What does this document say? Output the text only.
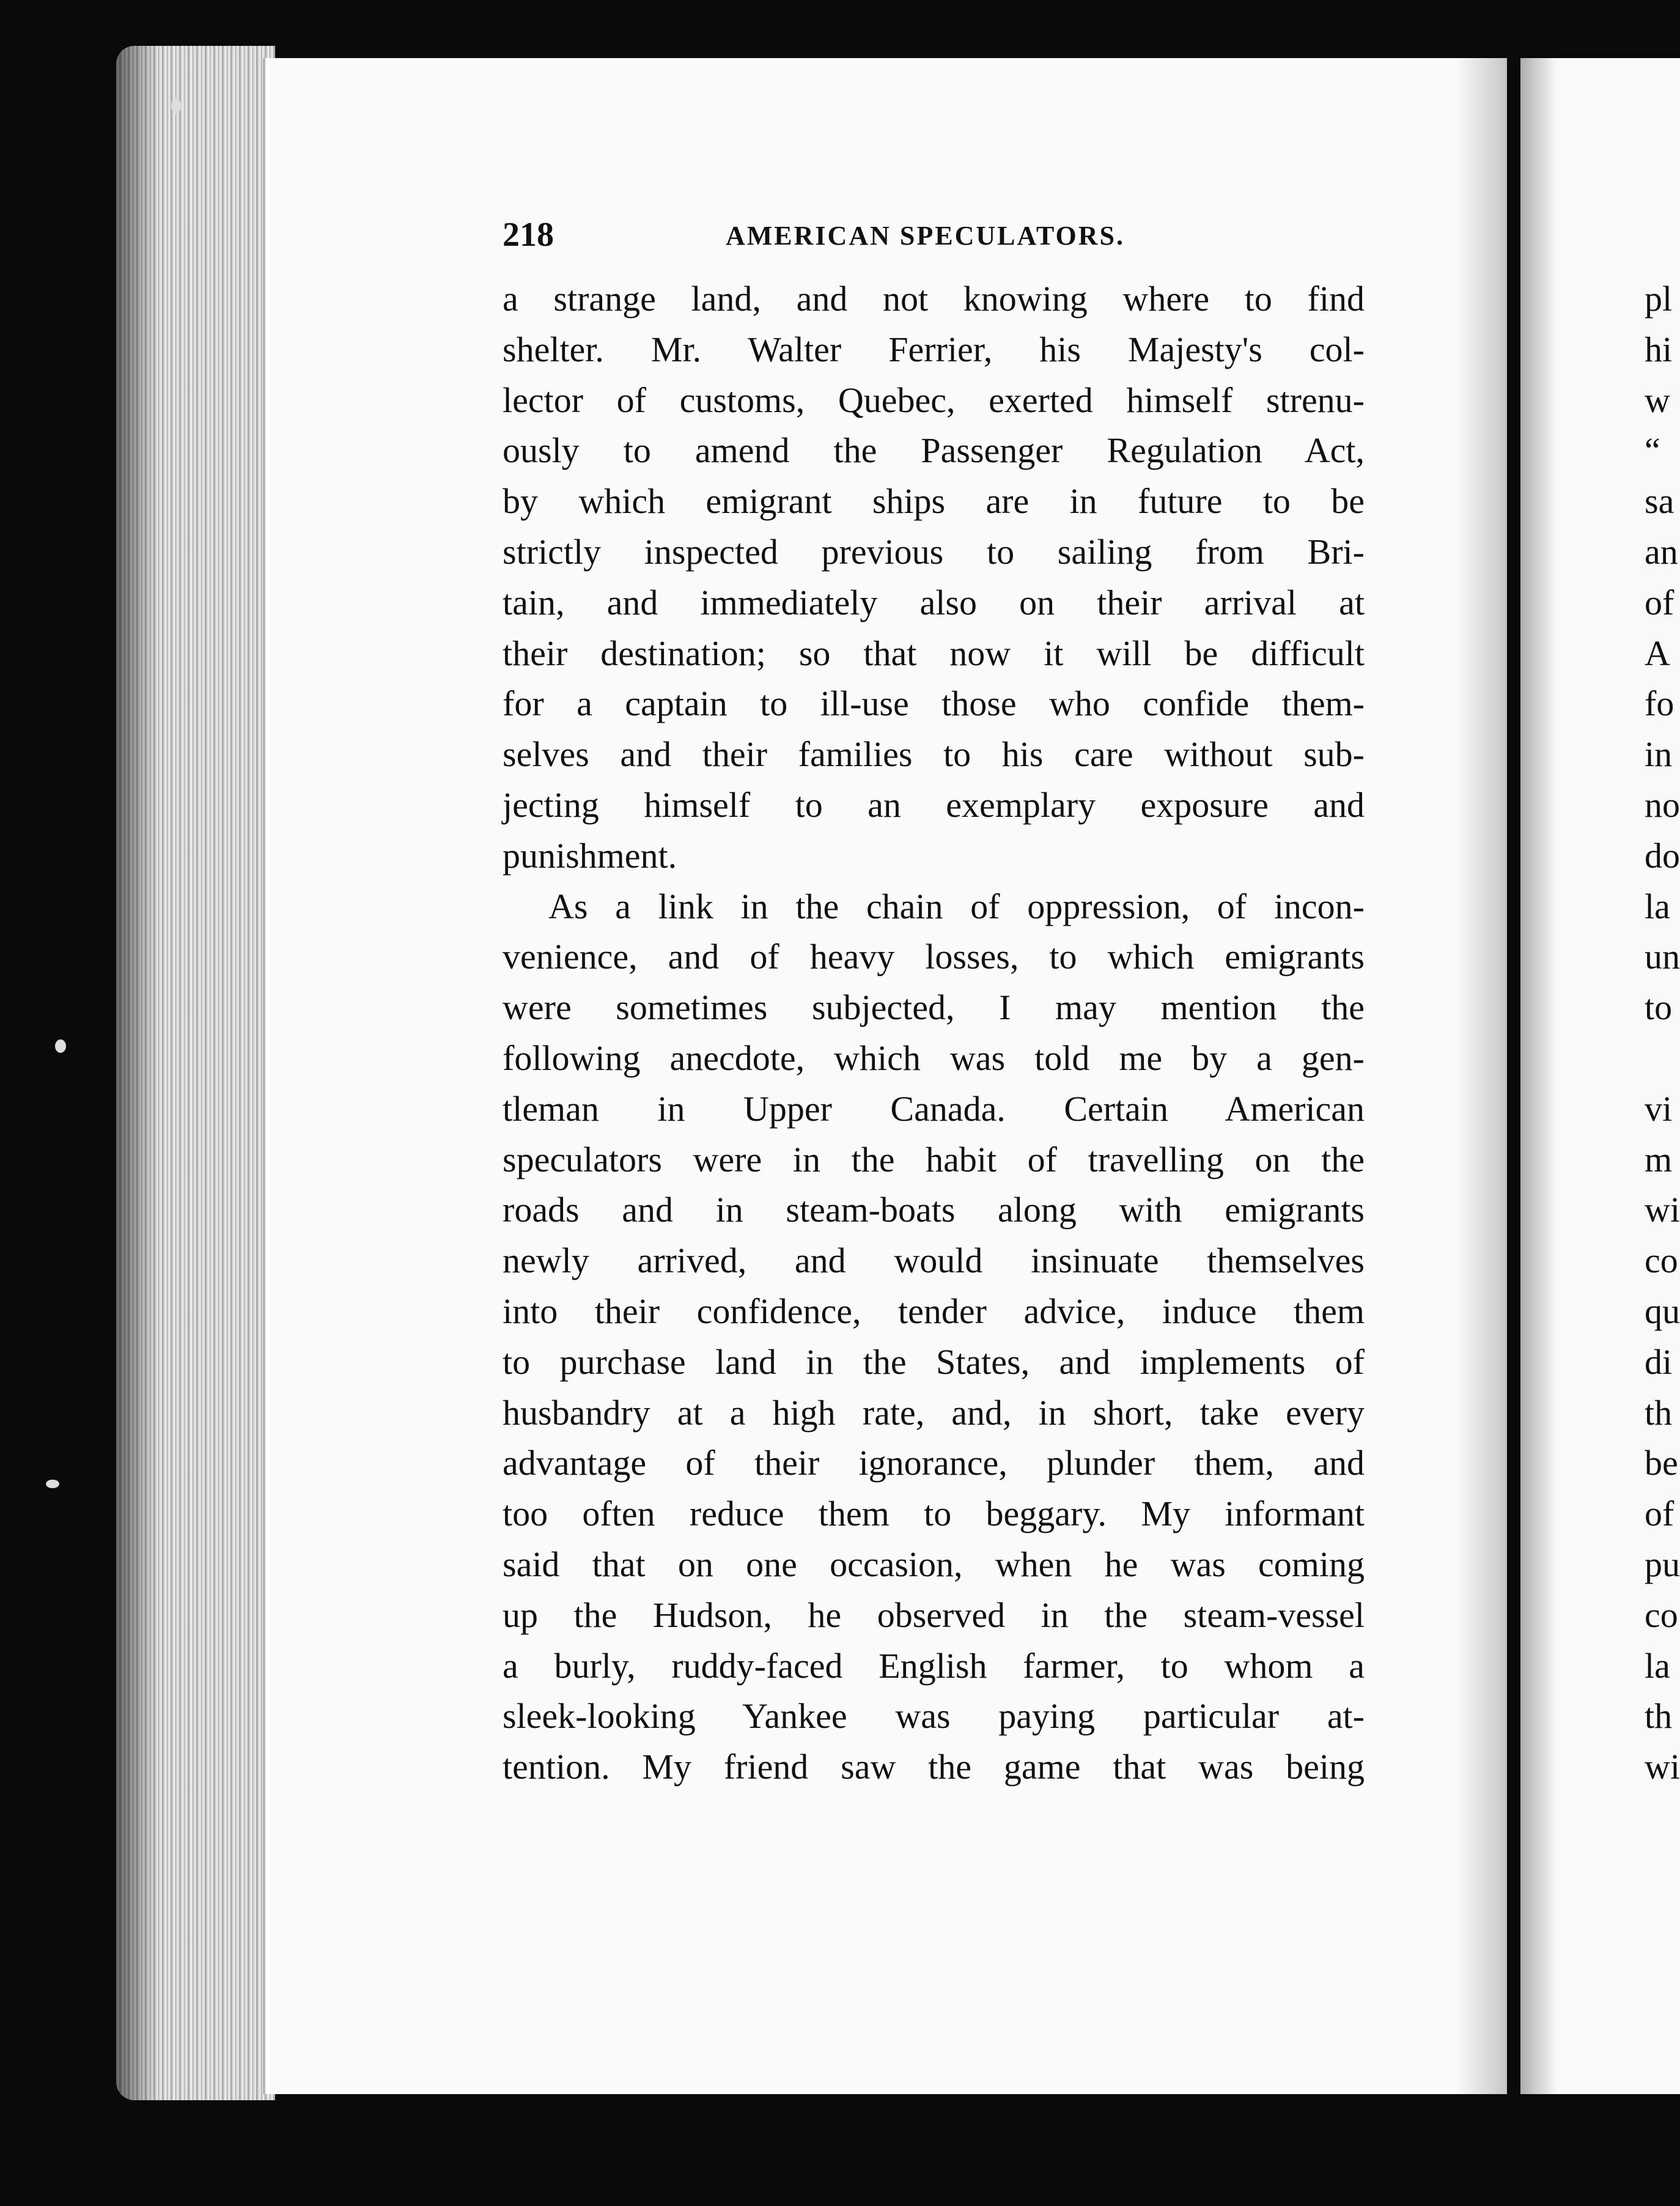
218	AMERICAN SPECULATORS.
a strange land, and not knowing where to find
shelter. Mr. Walter Ferrier, his Majesty's col-
lector of customs, Quebec, exerted himself strenu-
ously to amend the Passenger Regulation Act,
by which emigrant ships are in future to be
strictly inspected previous to sailing from Bri-
tain, and immediately also on their arrival at
their destination; so that now it will be difficult
for a captain to ill-use those who confide them-
selves and their families to his care without sub-
jecting himself to an exemplary exposure and
punishment.
As a link in the chain of oppression, of incon-
venience, and of heavy losses, to which emigrants
were sometimes subjected, I may mention the
following anecdote, which was told me by a gen-
tleman in Upper Canada. Certain American
speculators were in the habit of travelling on the
roads and in steam-boats along with emigrants
newly arrived, and would insinuate themselves
into their confidence, tender advice, induce them
to purchase land in the States, and implements of
husbandry at a high rate, and, in short, take every
advantage of their ignorance, plunder them, and
too often reduce them to beggary. My informant
said that on one occasion, when he was coming
up the Hudson, he observed in the steam-vessel
a burly, ruddy-faced English farmer, to whom a
sleek-looking Yankee was paying particular at-
tention. My friend saw the game that was being
pl
hi
w
“
sa
an
of
A
fo
in
no
do
la
un
to
vi
m
wi
co
qu
di
th
be
of
pu
co
la
th
wi
